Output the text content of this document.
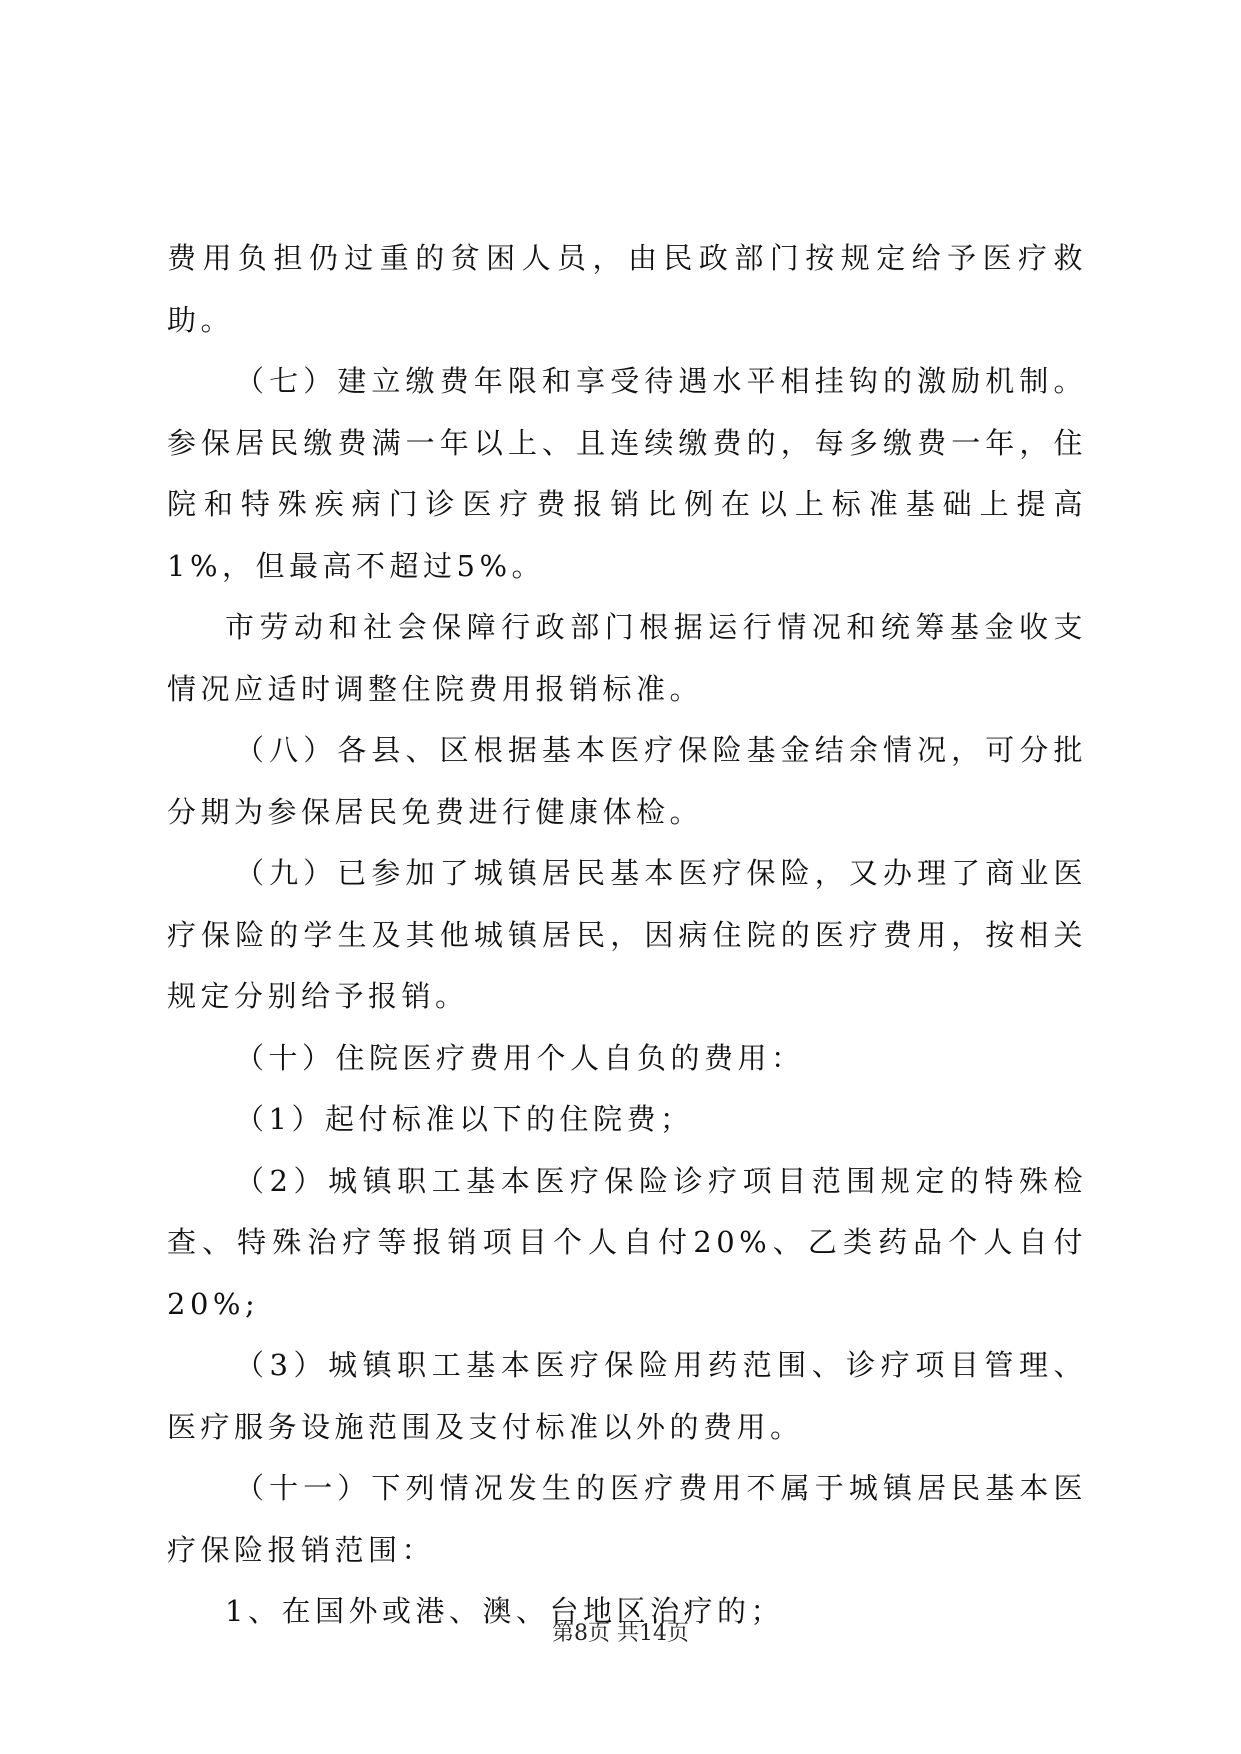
费用负担仍过重的贫困人员，由民政部门按规定给予医疗救助。

（七）建立缴费年限和享受待遇水平相挂钩的激励机制。参保居民缴费满一年以上、且连续缴费的，每多缴费一年，住院和特殊疾病门诊医疗费报销比例在以上标准基础上提高1%，但最高不超过5%。

市劳动和社会保障行政部门根据运行情况和统筹基金收支情况应适时调整住院费用报销标准。

（八）各县、区根据基本医疗保险基金结余情况，可分批分期为参保居民免费进行健康体检。

（九）已参加了城镇居民基本医疗保险，又办理了商业医疗保险的学生及其他城镇居民，因病住院的医疗费用，按相关规定分别给予报销。

（十）住院医疗费用个人自负的费用：

（1）起付标准以下的住院费；

（2）城镇职工基本医疗保险诊疗项目范围规定的特殊检查、特殊治疗等报销项目个人自付20%、乙类药品个人自付20%;

（3）城镇职工基本医疗保险用药范围、诊疗项目管理、医疗服务设施范围及支付标准以外的费用。

（十一）下列情况发生的医疗费用不属于城镇居民基本医疗保险报销范围：

1、在国外或港、澳、台地区治疗的；

第8页 共14页
